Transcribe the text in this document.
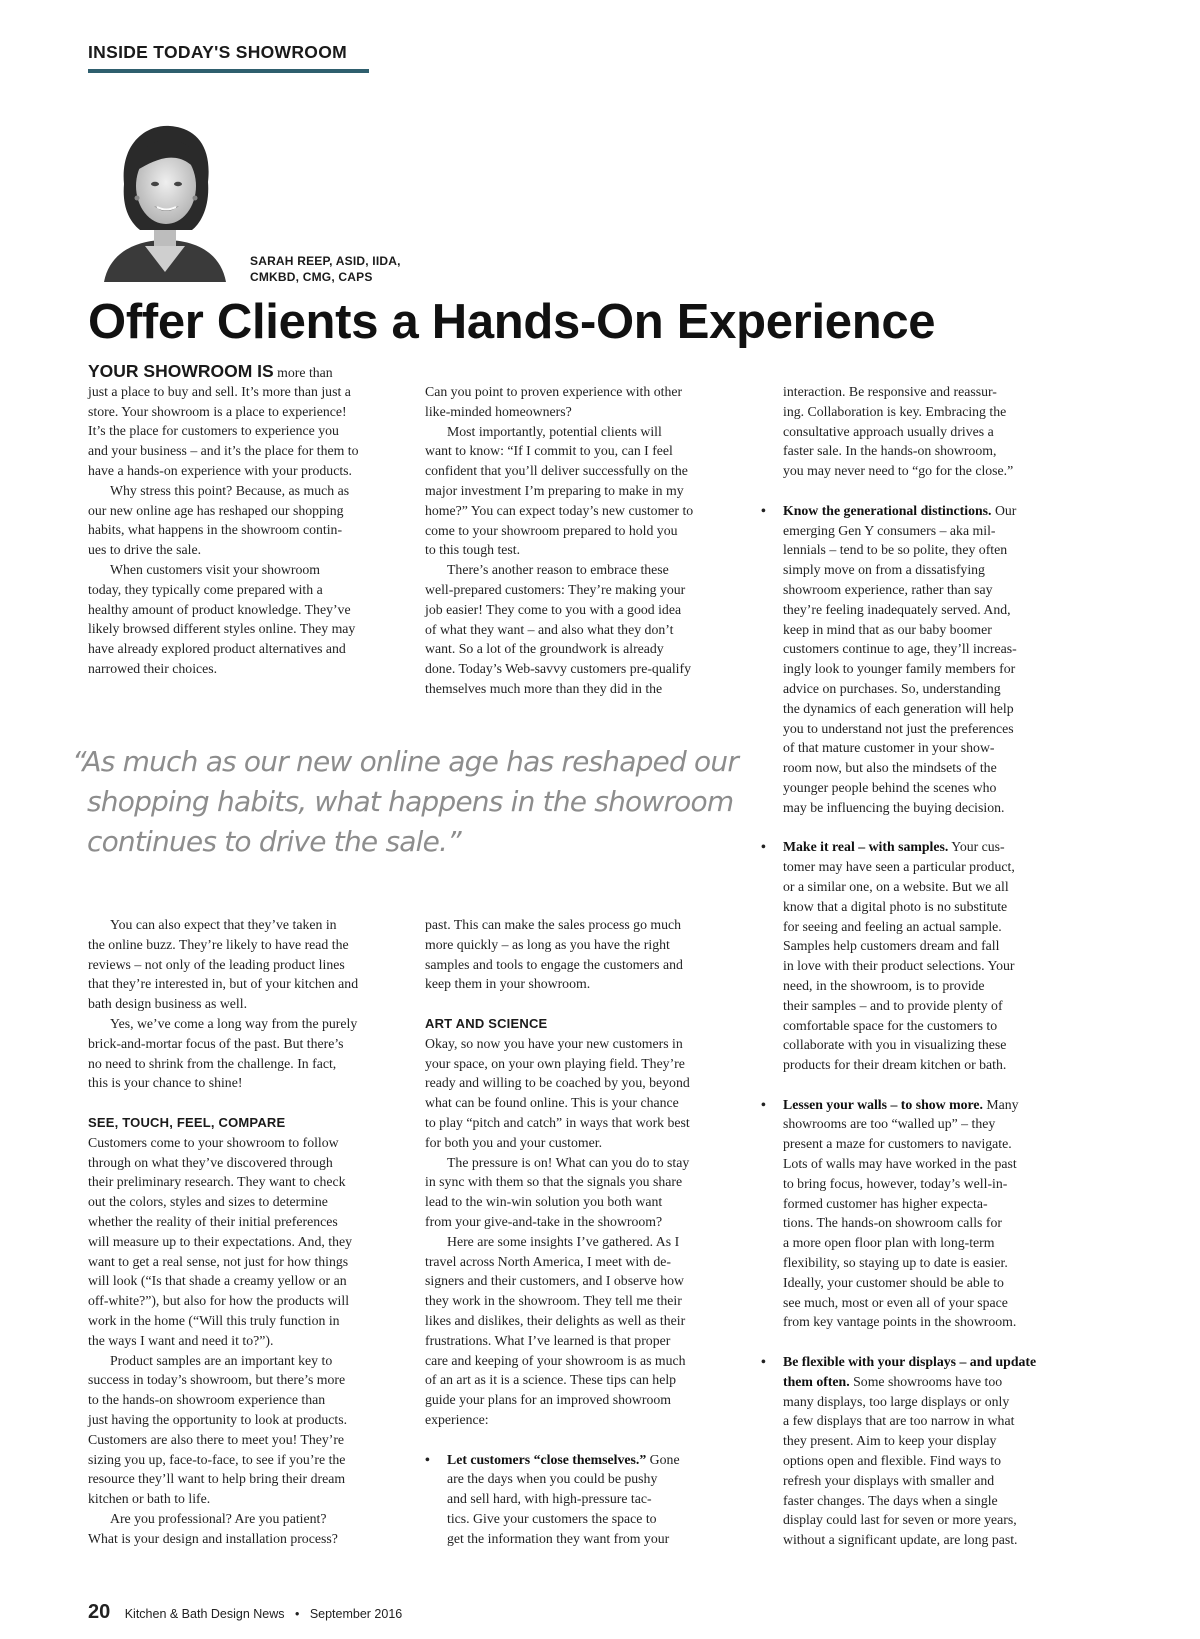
INSIDE TODAY'S SHOWROOM
SARAH REEP, ASID, IIDA,
CMKBD, CMG, CAPS
Offer Clients a Hands-On Experience
YOUR SHOWROOM IS more than
just a place to buy and sell. It’s more than just a
store. Your showroom is a place to experience!
It’s the place for customers to experience you
and your business – and it’s the place for them to
have a hands-on experience with your products.
Why stress this point? Because, as much as
our new online age has reshaped our shopping
habits, what happens in the showroom contin-
ues to drive the sale.
When customers visit your showroom
today, they typically come prepared with a
healthy amount of product knowledge. They’ve
likely browsed different styles online. They may
have already explored product alternatives and
narrowed their choices.
Can you point to proven experience with other
like-minded homeowners?
Most importantly, potential clients will
want to know: “If I commit to you, can I feel
confident that you’ll deliver successfully on the
major investment I’m preparing to make in my
home?” You can expect today’s new customer to
come to your showroom prepared to hold you
to this tough test.
There’s another reason to embrace these
well-prepared customers: They’re making your
job easier! They come to you with a good idea
of what they want – and also what they don’t
want. So a lot of the groundwork is already
done. Today’s Web-savvy customers pre-qualify
themselves much more than they did in the
“As much as our new online age has reshaped our
shopping habits, what happens in the showroom
continues to drive the sale.”
You can also expect that they’ve taken in
the online buzz. They’re likely to have read the
reviews – not only of the leading product lines
that they’re interested in, but of your kitchen and
bath design business as well.
Yes, we’ve come a long way from the purely
brick-and-mortar focus of the past. But there’s
no need to shrink from the challenge. In fact,
this is your chance to shine!
SEE, TOUCH, FEEL, COMPARE
Customers come to your showroom to follow
through on what they’ve discovered through
their preliminary research. They want to check
out the colors, styles and sizes to determine
whether the reality of their initial preferences
will measure up to their expectations. And, they
want to get a real sense, not just for how things
will look (“Is that shade a creamy yellow or an
off-white?”), but also for how the products will
work in the home (“Will this truly function in
the ways I want and need it to?”).
Product samples are an important key to
success in today’s showroom, but there’s more
to the hands-on showroom experience than
just having the opportunity to look at products.
Customers are also there to meet you! They’re
sizing you up, face-to-face, to see if you’re the
resource they’ll want to help bring their dream
kitchen or bath to life.
Are you professional? Are you patient?
What is your design and installation process?
past. This can make the sales process go much
more quickly – as long as you have the right
samples and tools to engage the customers and
keep them in your showroom.
ART AND SCIENCE
Okay, so now you have your new customers in
your space, on your own playing field. They’re
ready and willing to be coached by you, beyond
what can be found online. This is your chance
to play “pitch and catch” in ways that work best
for both you and your customer.
The pressure is on! What can you do to stay
in sync with them so that the signals you share
lead to the win-win solution you both want
from your give-and-take in the showroom?
Here are some insights I’ve gathered. As I
travel across North America, I meet with de-
signers and their customers, and I observe how
they work in the showroom. They tell me their
likes and dislikes, their delights as well as their
frustrations. What I’ve learned is that proper
care and keeping of your showroom is as much
of an art as it is a science. These tips can help
guide your plans for an improved showroom
experience:
• Let customers “close themselves.” Gone
are the days when you could be pushy
and sell hard, with high-pressure tac-
tics. Give your customers the space to
get the information they want from your
interaction. Be responsive and reassur-
ing. Collaboration is key. Embracing the
consultative approach usually drives a
faster sale. In the hands-on showroom,
you may never need to “go for the close.”
• Know the generational distinctions. Our
emerging Gen Y consumers – aka mil-
lennials – tend to be so polite, they often
simply move on from a dissatisfying
showroom experience, rather than say
they’re feeling inadequately served. And,
keep in mind that as our baby boomer
customers continue to age, they’ll increas-
ingly look to younger family members for
advice on purchases. So, understanding
the dynamics of each generation will help
you to understand not just the preferences
of that mature customer in your show-
room now, but also the mindsets of the
younger people behind the scenes who
may be influencing the buying decision.
• Make it real – with samples. Your cus-
tomer may have seen a particular product,
or a similar one, on a website. But we all
know that a digital photo is no substitute
for seeing and feeling an actual sample.
Samples help customers dream and fall
in love with their product selections. Your
need, in the showroom, is to provide
their samples – and to provide plenty of
comfortable space for the customers to
collaborate with you in visualizing these
products for their dream kitchen or bath.
• Lessen your walls – to show more. Many
showrooms are too “walled up” – they
present a maze for customers to navigate.
Lots of walls may have worked in the past
to bring focus, however, today’s well-in-
formed customer has higher expecta-
tions. The hands-on showroom calls for
a more open floor plan with long-term
flexibility, so staying up to date is easier.
Ideally, your customer should be able to
see much, most or even all of your space
from key vantage points in the showroom.
• Be flexible with your displays – and update
them often. Some showrooms have too
many displays, too large displays or only
a few displays that are too narrow in what
they present. Aim to keep your display
options open and flexible. Find ways to
refresh your displays with smaller and
faster changes. The days when a single
display could last for seven or more years,
without a significant update, are long past.
20 Kitchen & Bath Design News • September 2016
